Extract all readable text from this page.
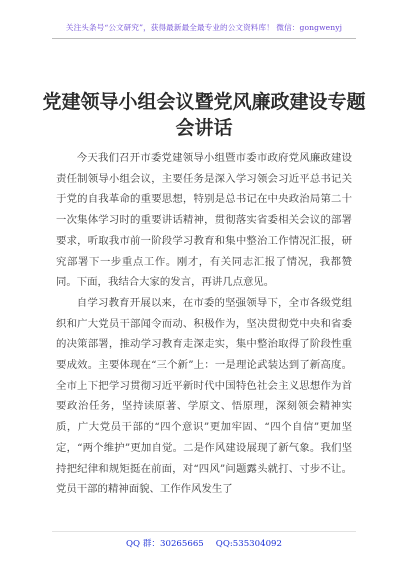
关注头条号“公文研究”，获得最新最全最专业的公文资料库！ 微信：gongwenyj
党建领导小组会议暨党风廉政建设专题会讲话

今天我们召开市委党建领导小组暨市委市政府党风廉政建设责任制领导小组会议，主要任务是深入学习领会习近平总书记关于党的自我革命的重要思想，特别是总书记在中央政治局第二十一次集体学习时的重要讲话精神，贯彻落实省委相关会议的部署要求，听取我市前一阶段学习教育和集中整治工作情况汇报，研究部署下一步重点工作。刚才，有关同志汇报了情况，我都赞同。下面，我结合大家的发言，再讲几点意见。

自学习教育开展以来，在市委的坚强领导下，全市各级党组织和广大党员干部闻令而动、积极作为，坚决贯彻党中央和省委的决策部署，推动学习教育走深走实，集中整治取得了阶段性重要成效。主要体现在“三个新”上：一是理论武装达到了新高度。全市上下把学习贯彻习近平新时代中国特色社会主义思想作为首要政治任务，坚持读原著、学原文、悟原理，深刻领会精神实质，广大党员干部的“四个意识”更加牢固、“四个自信”更加坚定，“两个维护”更加自觉。二是作风建设展现了新气象。我们坚持把纪律和规矩挺在前面，对“四风”问题露头就打、寸步不让。党员干部的精神面貌、工作作风发生了

QQ 群：30265665 QQ:535304092
